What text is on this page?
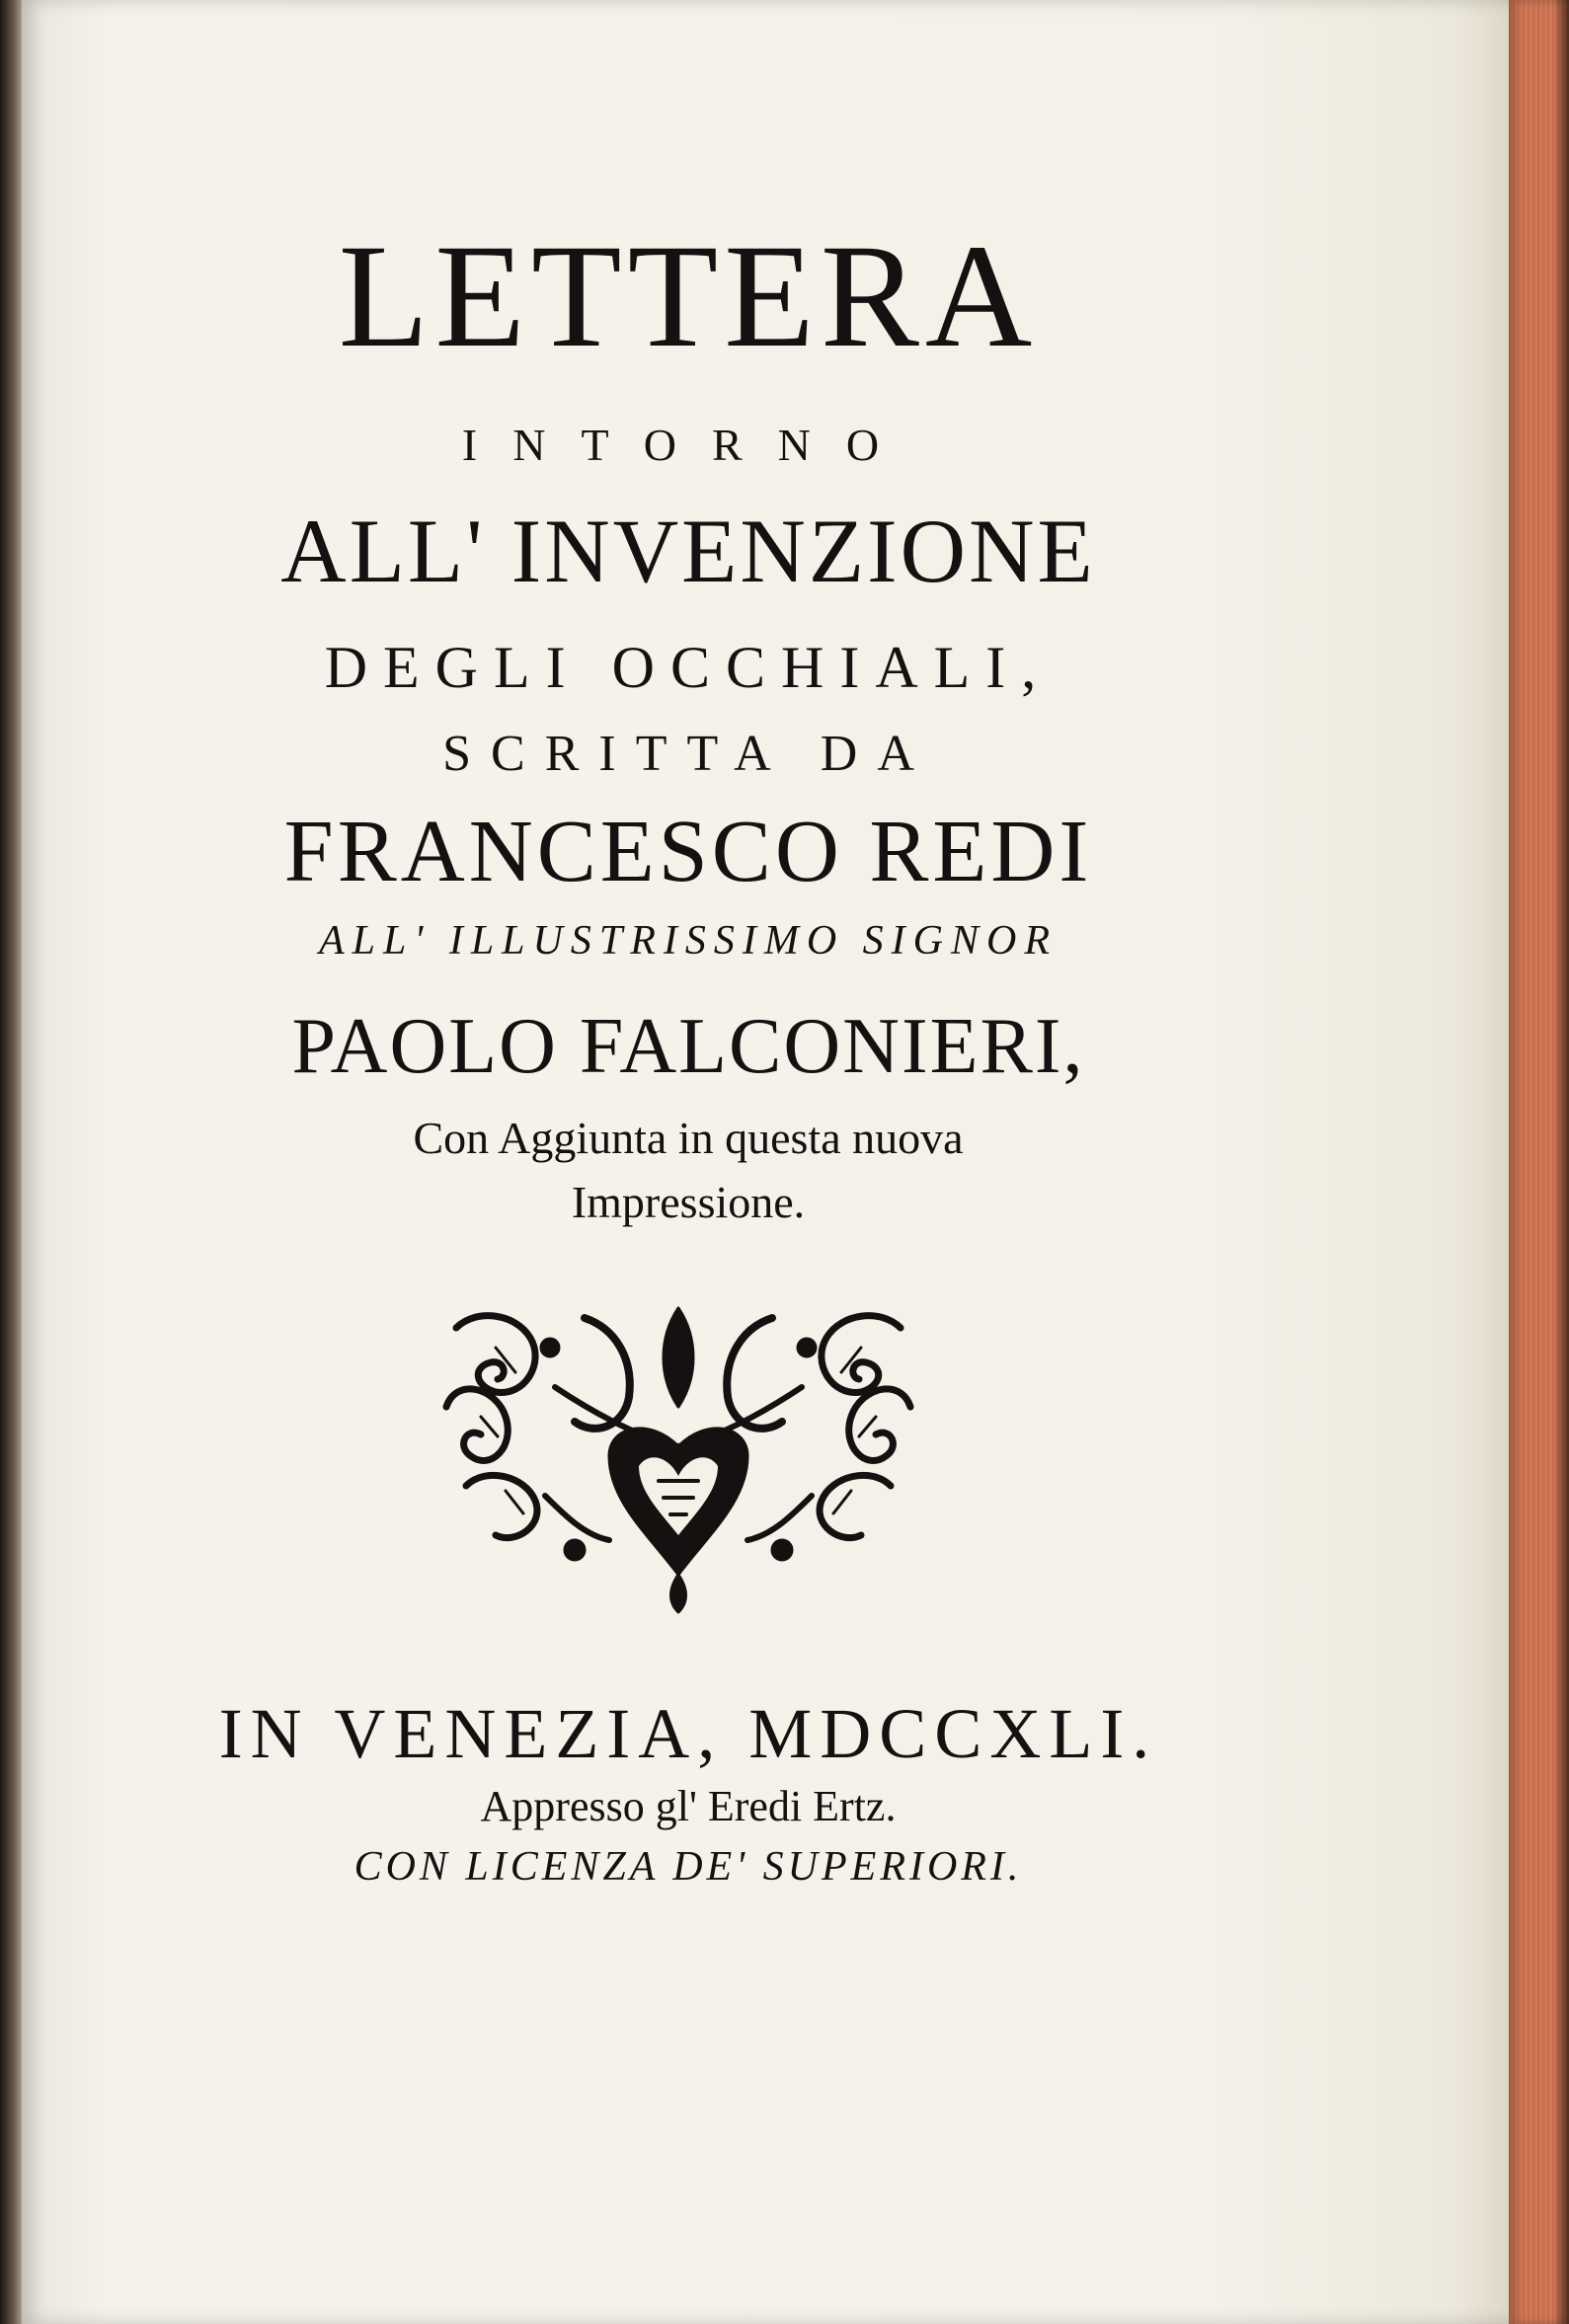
LETTERA

INTORNO

ALL' INVENZIONE

DEGLI OCCHIALI,

SCRITTA DA

FRANCESCO REDI

ALL' ILLUSTRISSIMO SIGNOR

PAOLO FALCONIERI,

Con Aggiunta in questa nuova

Impressione.

IN VENEZIA, MDCCXLI.

Appresso gl' Eredi Ertz.

CON LICENZA DE' SUPERIORI.
